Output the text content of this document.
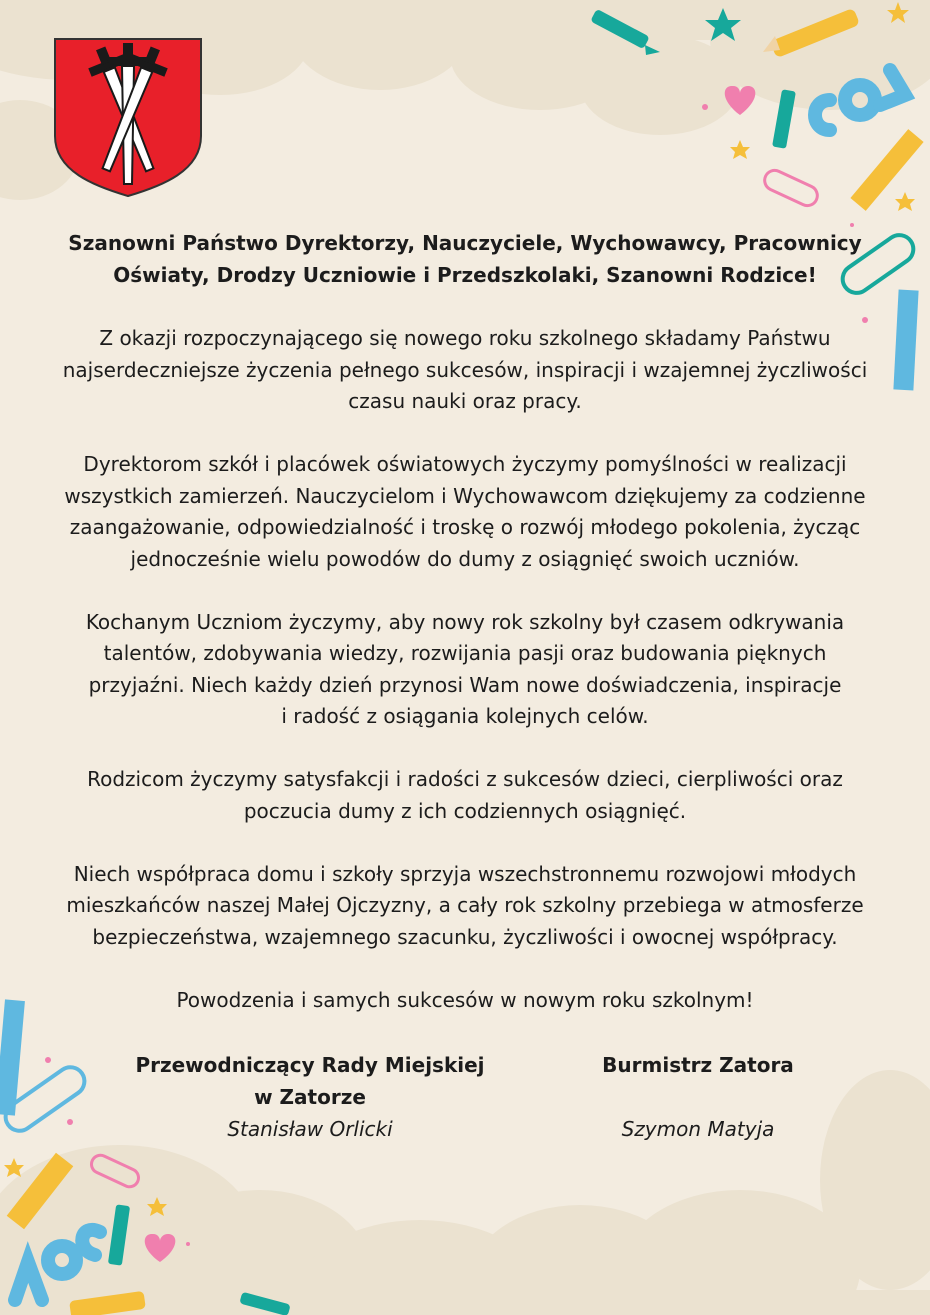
Szanowni Państwo Dyrektorzy, Nauczyciele, Wychowawcy, Pracownicy
Oświaty, Drodzy Uczniowie i Przedszkolaki, Szanowni Rodzice!

Z okazji rozpoczynającego się nowego roku szkolnego składamy Państwu
najserdeczniejsze życzenia pełnego sukcesów, inspiracji i wzajemnej życzliwości
czasu nauki oraz pracy.

Dyrektorom szkół i placówek oświatowych życzymy pomyślności w realizacji
wszystkich zamierzeń. Nauczycielom i Wychowawcom dziękujemy za codzienne
zaangażowanie, odpowiedzialność i troskę o rozwój młodego pokolenia, życząc
jednocześnie wielu powodów do dumy z osiągnięć swoich uczniów.

Kochanym Uczniom życzymy, aby nowy rok szkolny był czasem odkrywania
talentów, zdobywania wiedzy, rozwijania pasji oraz budowania pięknych
przyjaźni. Niech każdy dzień przynosi Wam nowe doświadczenia, inspiracje
i radość z osiągania kolejnych celów.

Rodzicom życzymy satysfakcji i radości z sukcesów dzieci, cierpliwości oraz
poczucia dumy z ich codziennych osiągnięć.

Niech współpraca domu i szkoły sprzyja wszechstronnemu rozwojowi młodych
mieszkańców naszej Małej Ojczyzny, a cały rok szkolny przebiega w atmosferze
bezpieczeństwa, wzajemnego szacunku, życzliwości i owocnej współpracy.

Powodzenia i samych sukcesów w nowym roku szkolnym!

Przewodniczący Rady Miejskiej
w Zatorze
Stanisław Orlicki
Burmistrz Zatora

Szymon Matyja
